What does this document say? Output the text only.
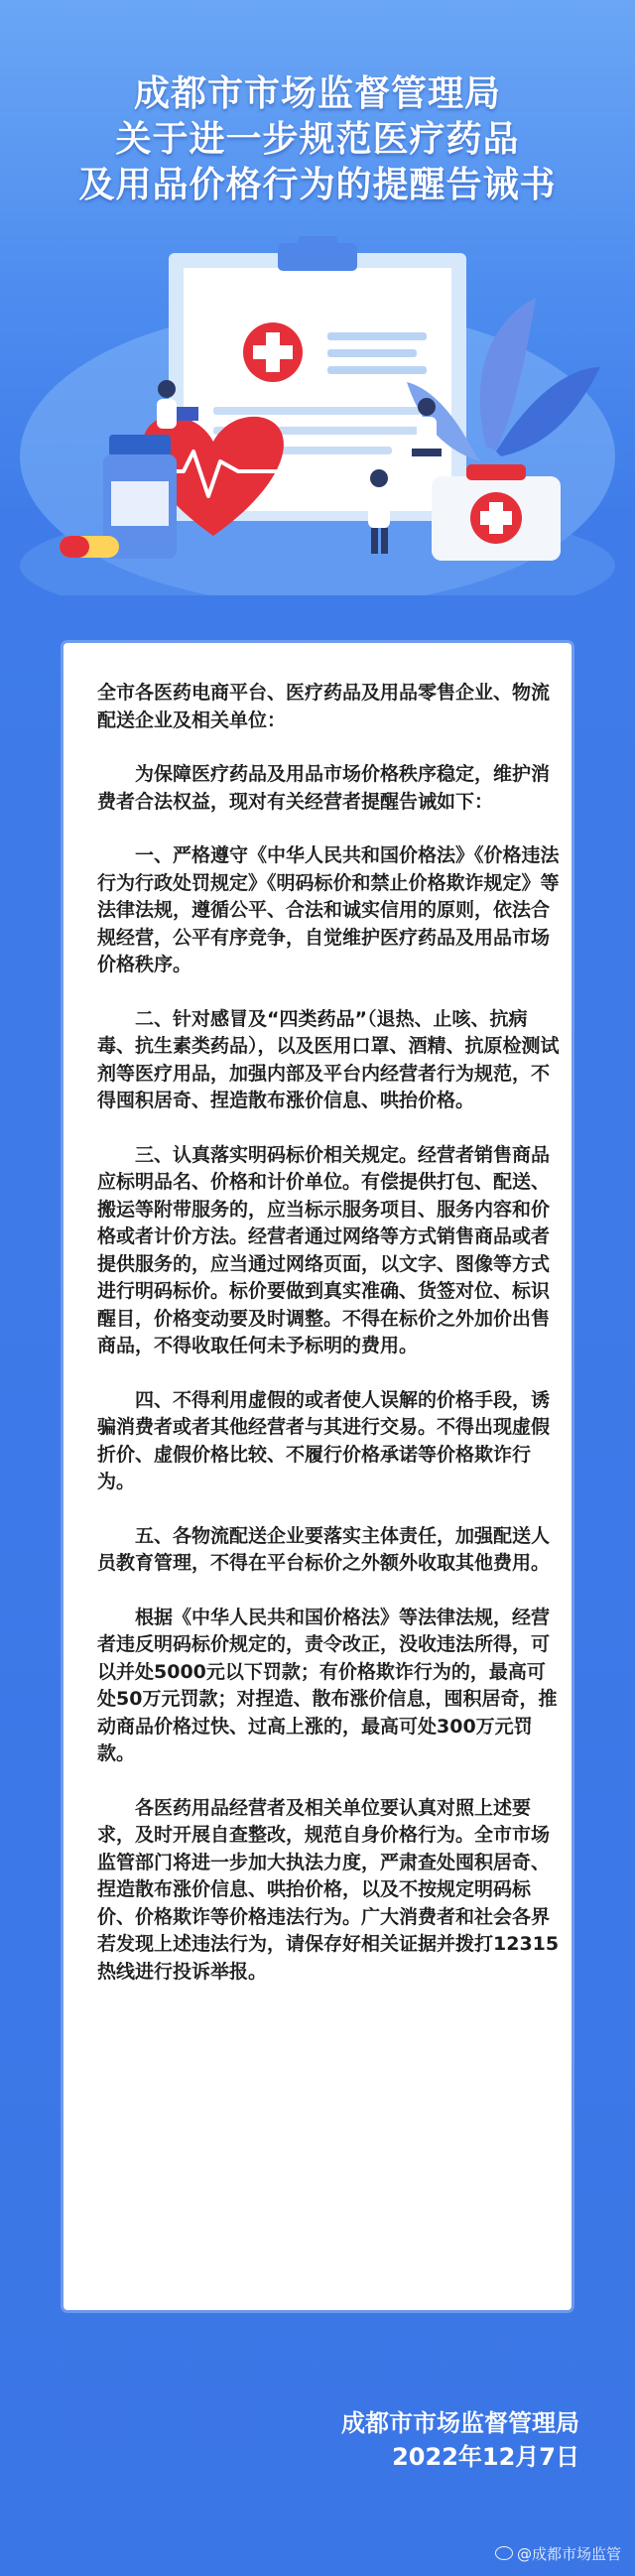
成都市市场监督管理局
关于进一步规范医疗药品
及用品价格行为的提醒告诫书

全市各医药电商平台、医疗药品及用品零售企业、物流配送企业及相关单位：

为保障医疗药品及用品市场价格秩序稳定，维护消费者合法权益，现对有关经营者提醒告诫如下：

一、严格遵守《中华人民共和国价格法》《价格违法行为行政处罚规定》《明码标价和禁止价格欺诈规定》等法律法规，遵循公平、合法和诚实信用的原则，依法合规经营，公平有序竞争，自觉维护医疗药品及用品市场价格秩序。

二、针对感冒及“四类药品”（退热、止咳、抗病毒、抗生素类药品），以及医用口罩、酒精、抗原检测试剂等医疗用品，加强内部及平台内经营者行为规范，不得囤积居奇、捏造散布涨价信息、哄抬价格。

三、认真落实明码标价相关规定。经营者销售商品应标明品名、价格和计价单位。有偿提供打包、配送、搬运等附带服务的，应当标示服务项目、服务内容和价格或者计价方法。经营者通过网络等方式销售商品或者提供服务的，应当通过网络页面，以文字、图像等方式进行明码标价。标价要做到真实准确、货签对位、标识醒目，价格变动要及时调整。不得在标价之外加价出售商品，不得收取任何未予标明的费用。

四、不得利用虚假的或者使人误解的价格手段，诱骗消费者或者其他经营者与其进行交易。不得出现虚假折价、虚假价格比较、不履行价格承诺等价格欺诈行为。

五、各物流配送企业要落实主体责任，加强配送人员教育管理，不得在平台标价之外额外收取其他费用。

根据《中华人民共和国价格法》等法律法规，经营者违反明码标价规定的，责令改正，没收违法所得，可以并处5000元以下罚款；有价格欺诈行为的，最高可处50万元罚款；对捏造、散布涨价信息，囤积居奇，推动商品价格过快、过高上涨的，最高可处300万元罚款。

各医药用品经营者及相关单位要认真对照上述要求，及时开展自查整改，规范自身价格行为。全市市场监管部门将进一步加大执法力度，严肃查处囤积居奇、捏造散布涨价信息、哄抬价格，以及不按规定明码标价、价格欺诈等价格违法行为。广大消费者和社会各界若发现上述违法行为，请保存好相关证据并拨打12315热线进行投诉举报。

成都市市场监督管理局
2022年12月7日
@成都市场监管
